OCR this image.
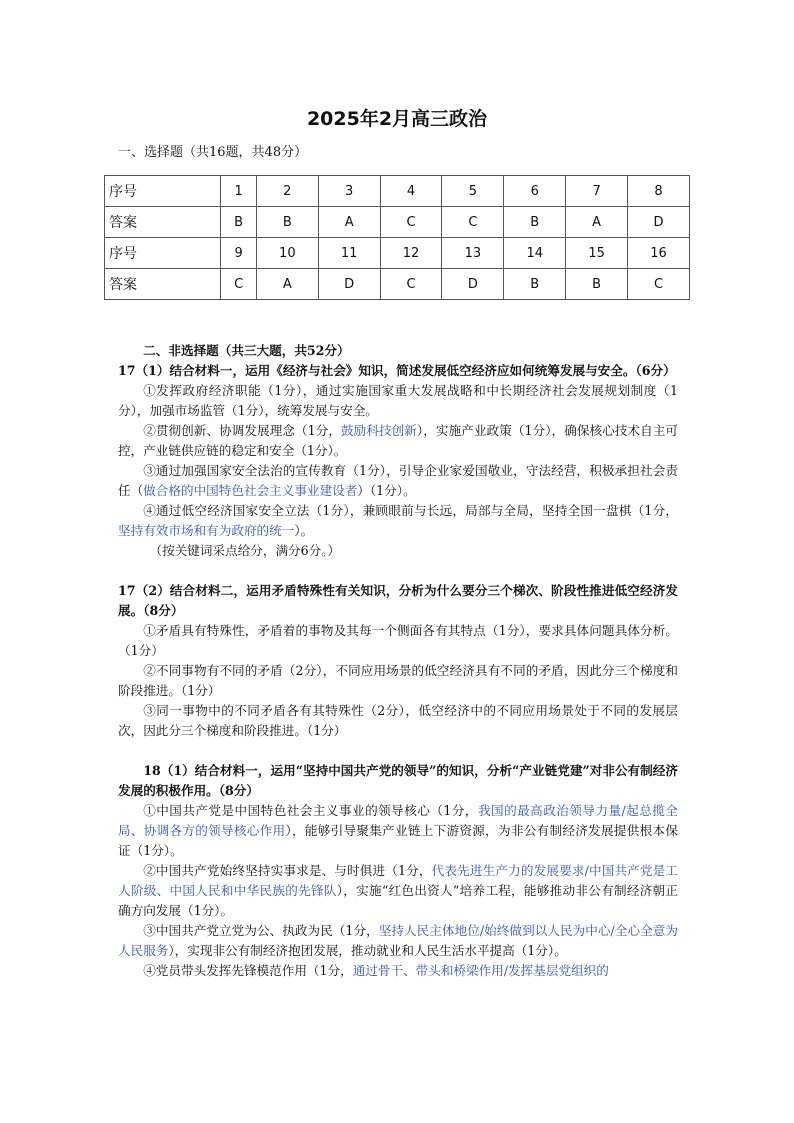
2025年2月高三政治
一、选择题（共16题，共48分）
序号	1	2	3	4	5	6	7	8
答案	B	B	A	C	C	B	A	D
序号	9	10	11	12	13	14	15	16
答案	C	A	D	C	D	B	B	C

二、非选择题（共三大题，共52分）

17（1）结合材料一，运用《经济与社会》知识，简述发展低空经济应如何统筹发展与安全。（6分）

①发挥政府经济职能（1分），通过实施国家重大发展战略和中长期经济社会发展规划制度（1分），加强市场监管（1分），统筹发展与安全。

②贯彻创新、协调发展理念（1分，鼓励科技创新），实施产业政策（1分），确保核心技术自主可控，产业链供应链的稳定和安全（1分）。

③通过加强国家安全法治的宣传教育（1分），引导企业家爱国敬业，守法经营，积极承担社会责任（做合格的中国特色社会主义事业建设者）（1分）。

④通过低空经济国家安全立法（1分），兼顾眼前与长远，局部与全局，坚持全国一盘棋（1分，坚持有效市场和有为政府的统一）。

（按关键词采点给分，满分6分。）

17（2）结合材料二，运用矛盾特殊性有关知识，分析为什么要分三个梯次、阶段性推进低空经济发展。（8分）

①矛盾具有特殊性，矛盾着的事物及其每一个侧面各有其特点（1分），要求具体问题具体分析。（1分）

②不同事物有不同的矛盾（2分），不同应用场景的低空经济具有不同的矛盾，因此分三个梯度和阶段推进。（1分）

③同一事物中的不同矛盾各有其特殊性（2分），低空经济中的不同应用场景处于不同的发展层次，因此分三个梯度和阶段推进。（1分）

18（1）结合材料一，运用“坚持中国共产党的领导”的知识，分析“产业链党建”对非公有制经济发展的积极作用。（8分）

①中国共产党是中国特色社会主义事业的领导核心（1分，我国的最高政治领导力量/起总揽全局、协调各方的领导核心作用），能够引导聚集产业链上下游资源，为非公有制经济发展提供根本保证（1分）。

②中国共产党始终坚持实事求是、与时俱进（1分，代表先进生产力的发展要求/中国共产党是工人阶级、中国人民和中华民族的先锋队），实施“红色出资人”培养工程，能够推动非公有制经济朝正确方向发展（1分）。

③中国共产党立党为公、执政为民（1分，坚持人民主体地位/始终做到以人民为中心/全心全意为人民服务），实现非公有制经济抱团发展，推动就业和人民生活水平提高（1分）。

④党员带头发挥先锋模范作用（1分，通过骨干、带头和桥梁作用/发挥基层党组织的
